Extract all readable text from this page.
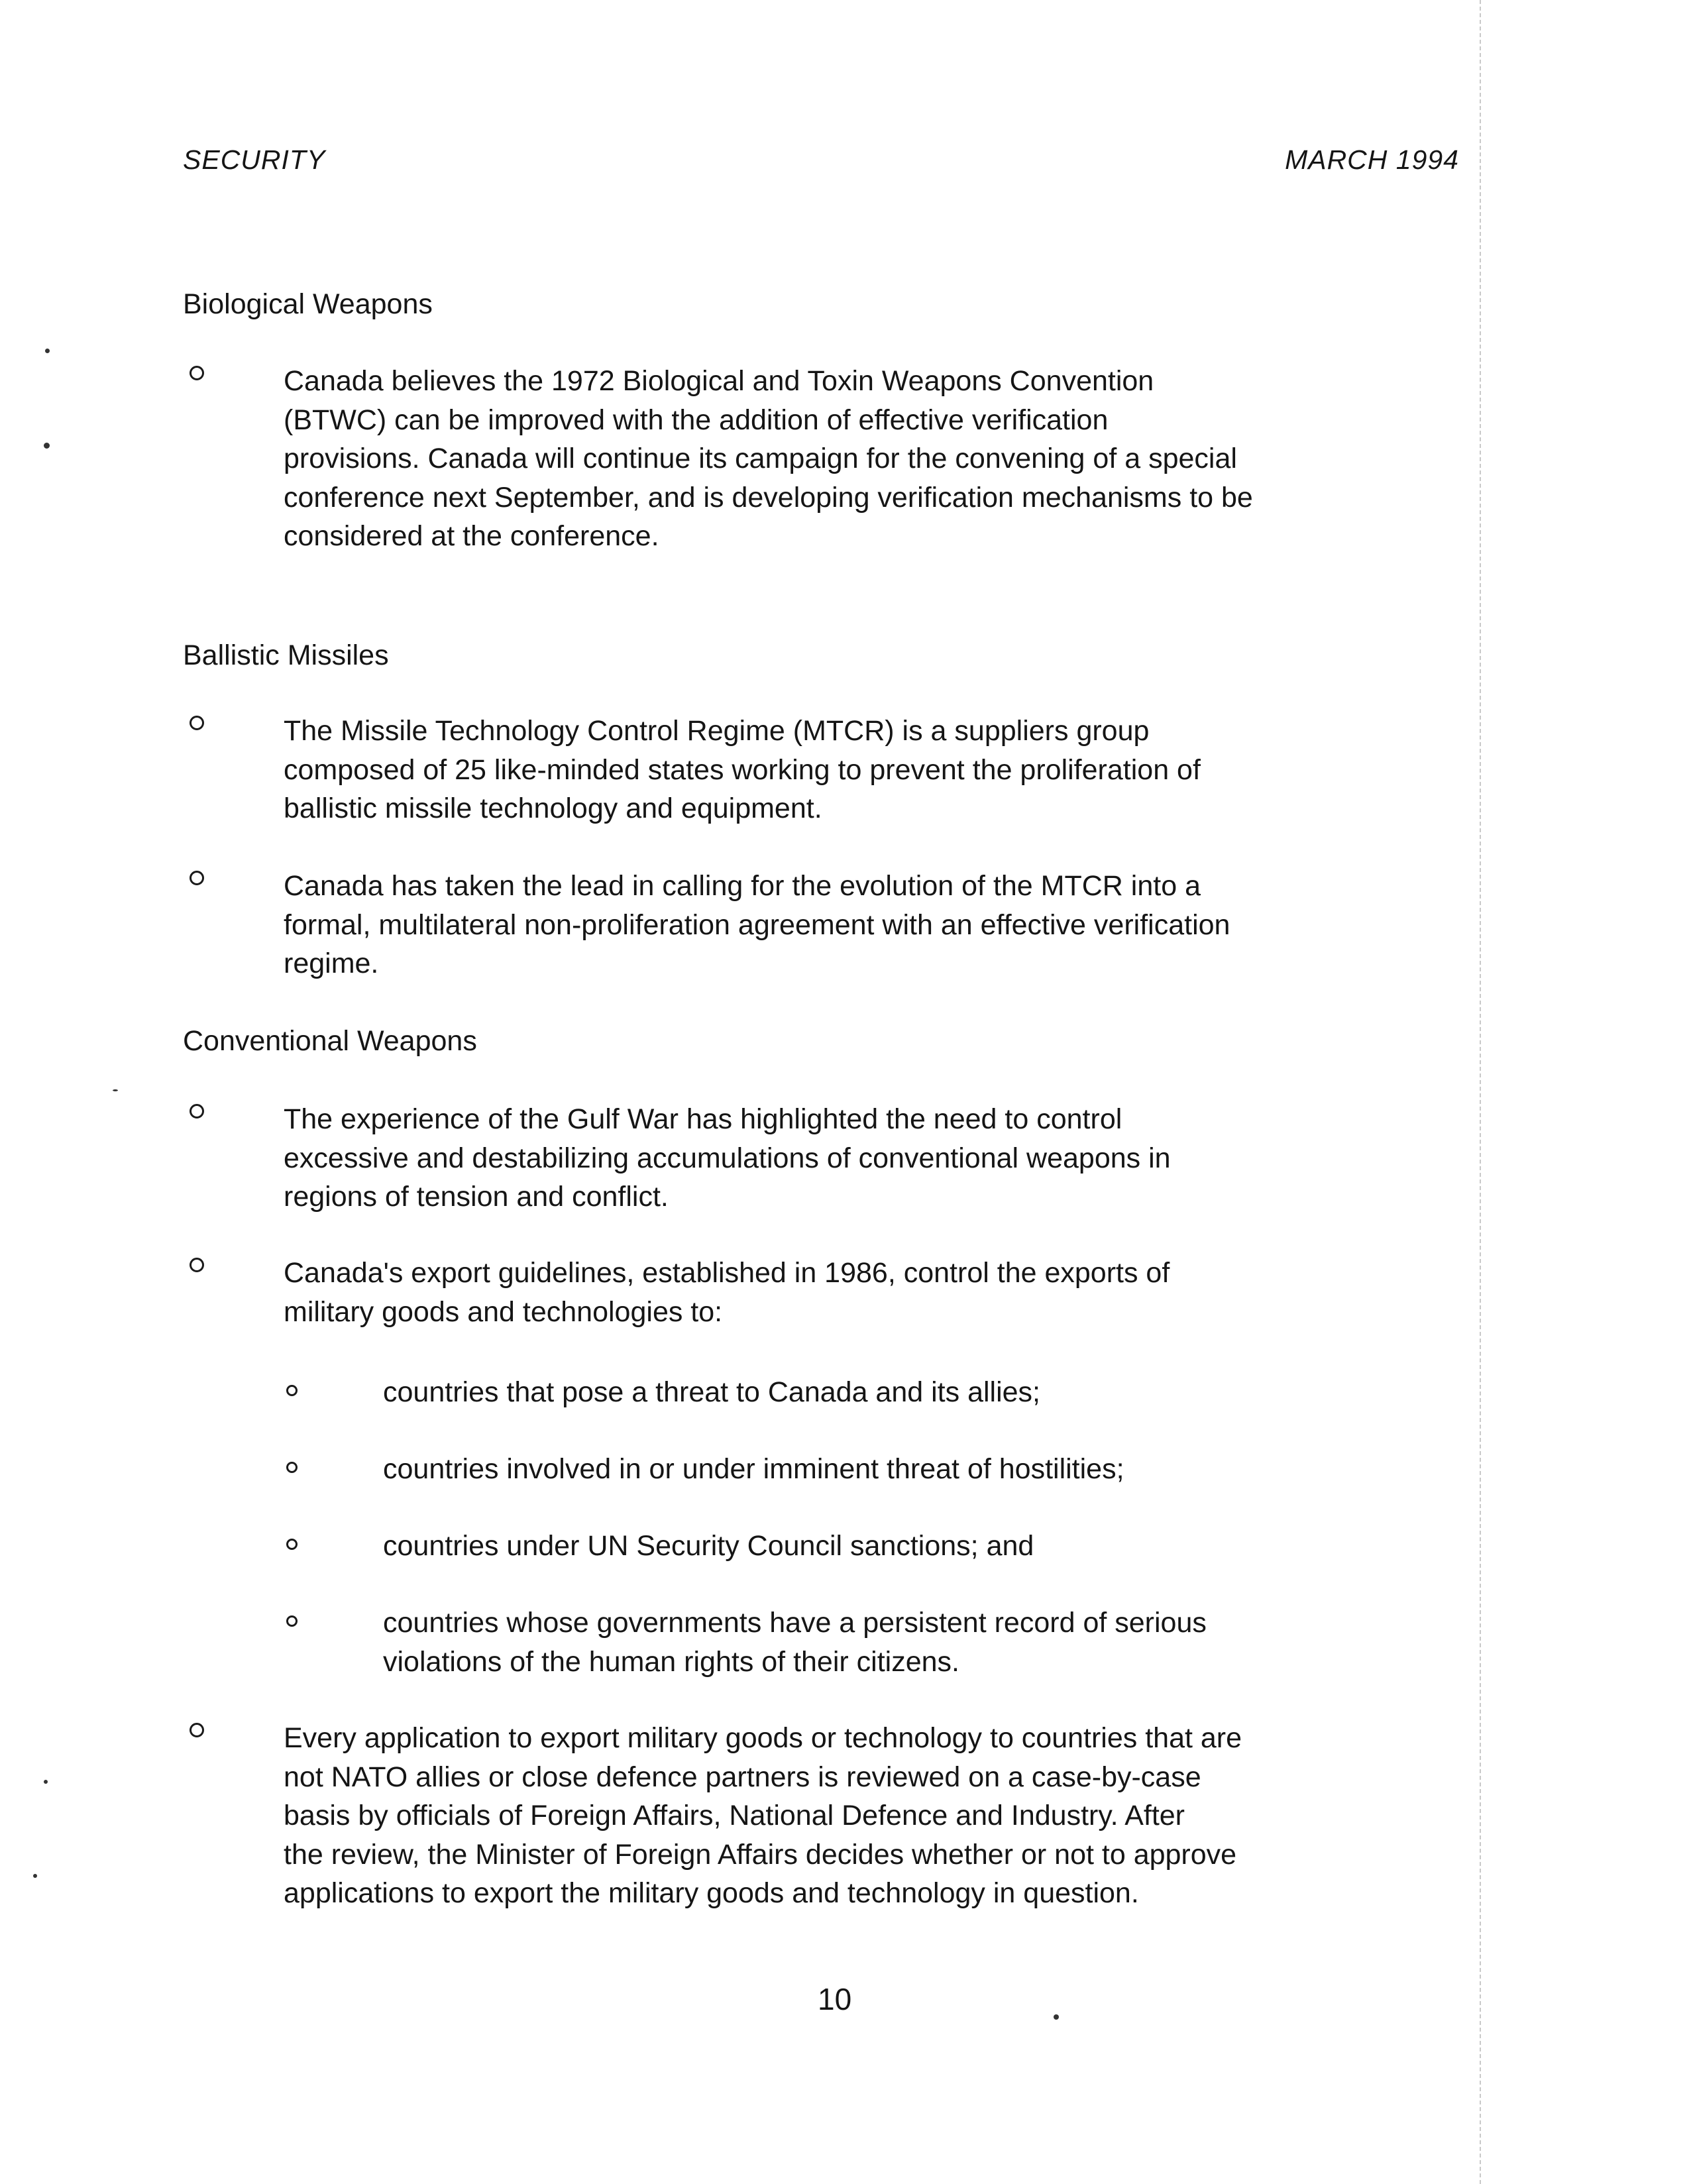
SECURITY	MARCH 1994
Biological Weapons
Canada believes the 1972 Biological and Toxin Weapons Convention
(BTWC) can be improved with the addition of effective verification
provisions. Canada will continue its campaign for the convening of a special
conference next September, and is developing verification mechanisms to be
considered at the conference.
Ballistic Missiles
The Missile Technology Control Regime (MTCR) is a suppliers group
composed of 25 like-minded states working to prevent the proliferation of
ballistic missile technology and equipment.
Canada has taken the lead in calling for the evolution of the MTCR into a
formal, multilateral non-proliferation agreement with an effective verification
regime.
Conventional Weapons
The experience of the Gulf War has highlighted the need to control
excessive and destabilizing accumulations of conventional weapons in
regions of tension and conflict.
Canada's export guidelines, established in 1986, control the exports of
military goods and technologies to:
countries that pose a threat to Canada and its allies;
countries involved in or under imminent threat of hostilities;
countries under UN Security Council sanctions; and
countries whose governments have a persistent record of serious
violations of the human rights of their citizens.
Every application to export military goods or technology to countries that are
not NATO allies or close defence partners is reviewed on a case-by-case
basis by officials of Foreign Affairs, National Defence and Industry. After
the review, the Minister of Foreign Affairs decides whether or not to approve
applications to export the military goods and technology in question.
10
